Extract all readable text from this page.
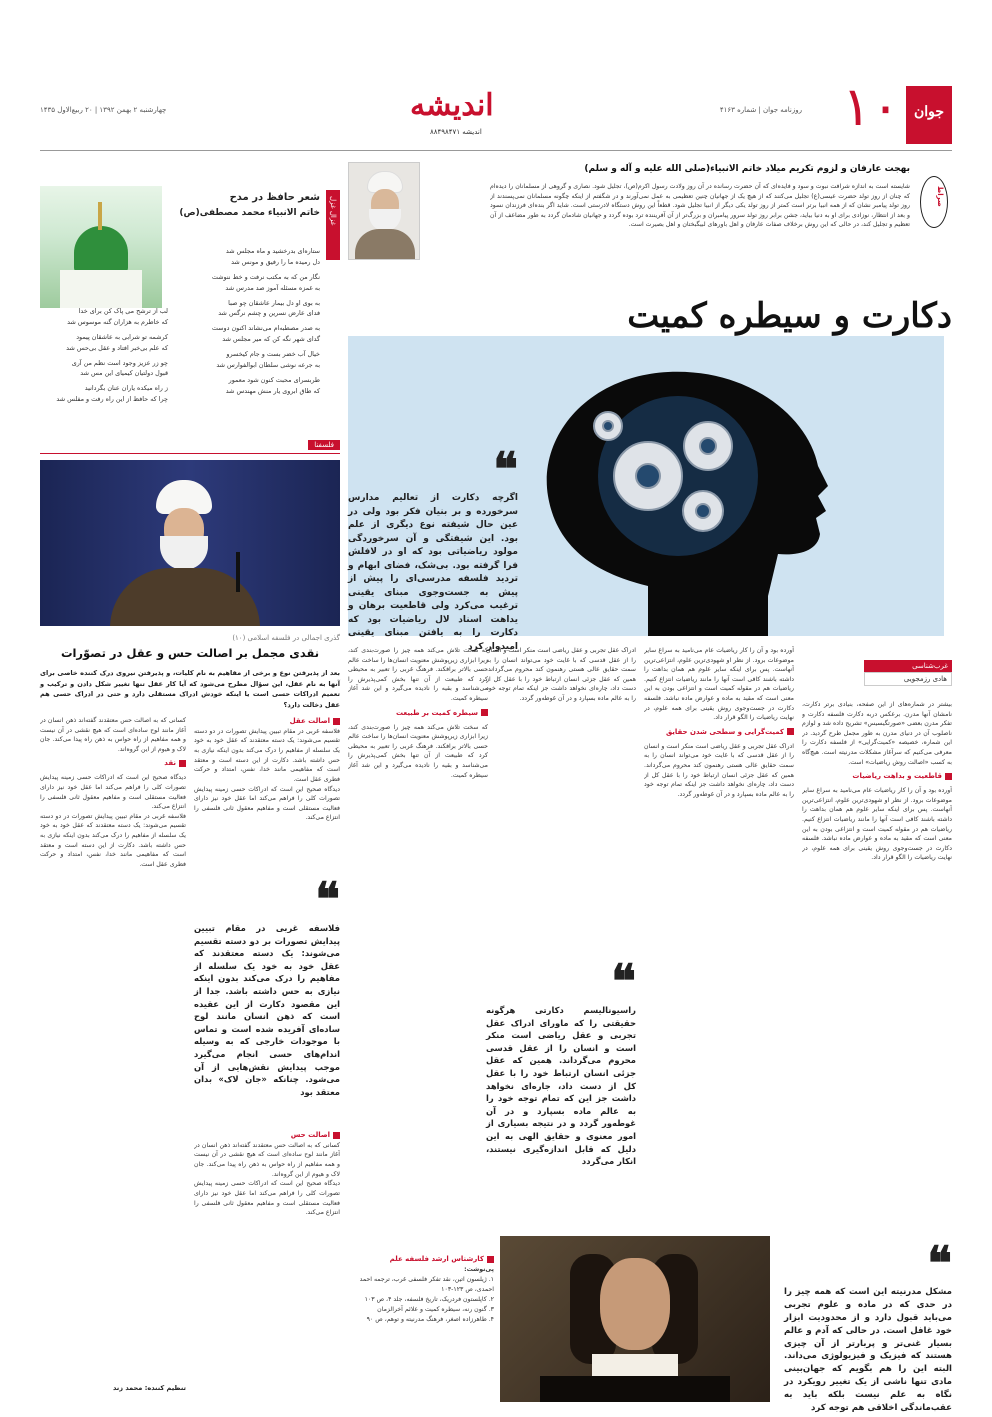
جوان
۱۰
روزنامه جوان | شماره ۴۱۶۳
اندیشه
اندیشه ۸۸۴۹۸۴۷۱
چهارشنبه ۲ بهمن ۱۳۹۲ | ۲۰ ربیع‌الاول ۱۴۳۵
صراط
بهجت عارفان و لزوم تکریم میلاد خاتم الانبیاء(صلی الله علیه و آله و سلم)
شایسته است به اندازه شرافت نبوت و سود و فایده‌ای که آن حضرت رسانده در آن روز ولادت رسول اکرم(ص)، تجلیل شود. نصاری و گروهی از مسلمانان را دیده‌ام که چنان از روز تولد حضرت عیسی(ع) تجلیل می‌کنند که از هیچ یک از جهانیان چنین تعظیمی به عمل نمی‌آورند و در شگفتم از اینکه چگونه مسلمانان نمی‌پسندند از روز تولد پیامبر نشان که از همه انبیا برتر است کمتر از روز تولد یکی دیگر از انبیا تجلیل شود. قطعاً این روش دستگاه لادرستی است. شاید اگر بنده‌ای فرزندان نسود و بعد از انتظار، نوزادی برای او به دنیا بیاید، جشن برابر روز تولد سرور پیامبران و بزرگ‌تر از آن آفریننده ترد بوده گردد و جهانیان شادمان گردد به طور مضاعف از آن تعظیم و تجلیل کند، در حالی که این روش برخلاف صفات عارفان و اهل باورهای لبیگبختان و اهل بصیرت است.
غزال غزل
شعر حافظ در مدح
خاتم الانبیاء محمد مصطفی(ص)
ستاره‌ای بدرخشید و ماه مجلس شد
دل رمیده ما را رفیق و مونس شد
نگار من که به مکتب نرفت و خط ننوشت
به غمزه مسئله آموز صد مدرس شد
به بوی او دل بیمار عاشقان چو صبا
فدای عارض نسرین و چشم نرگس شد
به صدر مصطبه‌ام می‌نشاند اکنون دوست
گدای شهر نگه کن که میر مجلس شد
خیال آب خضر بست و جام کیخسرو
به جرعه نوشی سلطان ابوالفوارس شد
طربسرای محبت کنون شود معمور
که طاق ابروی یار منش مهندس شد
لب از ترشح می پاک کن برای خدا
که خاطرم به هزاران گنه موسوس شد
کرشمه تو شرابی به عاشقان پیمود
که علم بی‌خبر افتاد و عقل بی‌حس شد
چو زر عزیز وجود است نظم من آری
قبول دولتیان کیمیای این مس شد
ز راه میکده یاران عنان بگردانید
چرا که حافظ از این راه رفت و مفلس شد
دکارت و سیطره کمیت
❝
اگرچه دکارت از تعالیم مدارس سرخورده و بر بنیان فکر بود ولی در عین حال شیفته نوع دیگری از علم بود. این شیفتگی و آن سرخوردگی مولود ریاضیاتی بود که او در لافلش فرا گرفته بود. بی‌شک، فضای ابهام و تردید فلسفه مدرسی‌ای را پیش از پیش به جست‌وجوی مبنای یقینی ترغیب می‌کرد ولی قاطعیت برهان و یداهت اسناد لال ریاضیات بود که دکارت را به یافتن مبنای یقینی امیدوار کرد
غرب‌شناسی
هادی رزمجویی
بیشتر در شماره‌های از این صفحه، بنیادی برتر دکارت، نامشان آنها مدرن. برعکس دربه دکارت فلسفه دکارت و تفکر مدرن بعضی «صورتگیسیس» تشریح داده شد و لوازم ناصلوب آن در دنیای مدرن به طور مجمل طرح گردید. در این شماره، خصیصه «کمیت‌گرایی» از فلسفه دکارت را معرفی می‌کنیم که سرآغاز مشکلات مدرنیته است. هیچ‌گاه به کسب «اصالت روش ریاضیات» است.
قاطعیت و بداهت ریاضیات
آورده بود و آن را کار ریاضیات عام می‌نامید به سراغ سایر موضوعات برود. از نظر او شهودی‌ترین علوم، انتزاعی‌ترین آنهاست. پس برای اینکه سایر علوم هم همان بداهت را داشته باشند کافی است آنها را مانند ریاضیات انتزاع کنیم. ریاضیات هم در مقوله کمیت است و انتزاعی بودن به این معنی است که مقید به ماده و عوارض ماده نباشد. فلسفه دکارت در جست‌وجوی روش یقینی برای همه علوم، در نهایت ریاضیات را الگو قرار داد.
آورده بود و آن را کار ریاضیات عام می‌نامید به سراغ سایر موضوعات برود. از نظر او شهودی‌ترین علوم، انتزاعی‌ترین آنهاست. پس برای اینکه سایر علوم هم همان بداهت را داشته باشند کافی است آنها را مانند ریاضیات انتزاع کنیم. ریاضیات هم در مقوله کمیت است و انتزاعی بودن به این معنی است که مقید به ماده و عوارض ماده نباشد. فلسفه دکارت در جست‌وجوی روش یقینی برای همه علوم، در نهایت ریاضیات را الگو قرار داد.
کمیت‌گرایی و سطحی شدن حقایق
ادراک عقل تجربی و عقل ریاضی است منکر است و انسان را از عقل قدسی که با غایت خود می‌تواند انسان را به سمت حقایق عالی هستی رهنمون کند محروم می‌گرداند. همین که عقل جزئی انسان ارتباط خود را با عقل کل از دست داد، چاره‌ای نخواهد داشت جز اینکه تمام توجه خود را به عالم ماده بسپارد و در آن غوطه‌ور گردد.
ادراک عقل تجربی و عقل ریاضی است منکر است و انسان را از عقل قدسی که با غایت خود می‌تواند انسان را به سمت حقایق عالی هستی رهنمون کند محروم می‌گرداند. همین که عقل جزئی انسان ارتباط خود را با عقل کل از دست داد، چاره‌ای نخواهد داشت جز اینکه تمام توجه خود را به عالم ماده بسپارد و در آن غوطه‌ور گردد.
که سخت تلاش می‌کند همه چیز را صورت‌بندی کند، زیرا ابزاری زیرپوشش معنویت انسان‌ها را ساخت عالم حسی بالاتر برافکند. فرهنگ غربی را تعبیر به محیطی کرد که طبیعت از آن تنها بخش کمی‌پذیرش را می‌شناسد و بقیه را نادیده می‌گیرد و این شد آغاز سیطره کمیت.
سیطره کمیت بر طبیعت
که سخت تلاش می‌کند همه چیز را صورت‌بندی کند، زیرا ابزاری زیرپوشش معنویت انسان‌ها را ساخت عالم حسی بالاتر برافکند. فرهنگ غربی را تعبیر به محیطی کرد که طبیعت از آن تنها بخش کمی‌پذیرش را می‌شناسد و بقیه را نادیده می‌گیرد و این شد آغاز سیطره کمیت.
❝
راسیونالیسم دکارتی هرگونه حقیقتی را که ماورای ادراک عقل تجربی و عقل ریاضی است منکر است و انسان را از عقل قدسی محروم می‌گرداند. همین که عقل جزئی انسان ارتباط خود را با عقل کل از دست داد، جاره‌ای نخواهد داشت جز این که تمام توجه خود را به عالم ماده بسپارد و در آن غوطه‌ور گردد و در نتیجه بسیاری از امور معنوی و حقایق الهی به این دلیل که قابل اندازه‌گیری نیستند، انکار می‌گردد
❝
مشکل مدرنیته این است که همه چیز را در حدی که در ماده و علوم تجربی می‌باید قبول دارد و از محدودیت ابزار خود غافل است. در حالی که آدم و عالم بسیار غنی‌تر و پربارتر از آن چیزی هستند که فیزیک و فیزیولوژی می‌داند. البته این را هم بگویم که جهان‌بینی مادی تنها ناشی از یک تغییر رویکرد در نگاه به علم نیست بلکه باید به عقب‌ماندگی اخلاقی هم توجه کرد
کارشناس ارشد فلسفه علم
پی‌نوشت:
۱. ژیلسون اتین، نقد تفکر فلسفی غرب، ترجمه احمد احمدی، ص ۱۲۳-۱۰۳
۲. کاپلستون فردریک، تاریخ فلسفه، جلد ۴، ص ۱۰۳
۳. گنون رنه، سیطره کمیت و علائم آخرالزمان
۴. طاهرزاده اصغر، فرهنگ مدرنیته و توهم، ص ۹۰
فلسفنا
گذری اجمالی در فلسفه اسلامی (۱۰)
نقدی مجمل بر اصالت حس و عقل در تصوّرات
بعد از پذیرفتن نوع و برخی از مفاهیم به نام کلیات، و پذیرفتن نیروی درک کننده خاصی برای آنها به نام عقل، این سؤال مطرح می‌شود که آیا کار عقل تنها تغییر شکل دادن و ترکیب و تعمیم ادراکات حسی است یا اینکه خودش ادراک مستقلی دارد و حتی در ادراک حسی هم عقل دخالت دارد؟
اصالت عقل
فلاسفه غربی در مقام تبیین پیدایش تصورات در دو دسته تقسیم می‌شوند: یک دسته معتقدند که عقل خود به خود یک سلسله از مفاهیم را درک می‌کند بدون اینکه نیازی به حس داشته باشد. دکارت از این دسته است و معتقد است که مفاهیمی مانند خدا، نفس، امتداد و حرکت فطری عقل است.
دیدگاه صحیح این است که ادراکات حسی زمینه پیدایش تصورات کلی را فراهم می‌کند اما عقل خود نیز دارای فعالیت مستقلی است و مفاهیم معقول ثانی فلسفی را انتزاع می‌کند.
❝
فلاسفه غربی در مقام تبیین پیدایش تصورات بر دو دسته تقسیم می‌شوند: یک دسته معتقدند که عقل خود به خود یک سلسله از مفاهیم را درک می‌کند بدون اینکه نیازی به حس داشته باشد. جدا از این مقصود دکارت از این عقیده است که ذهن انسان مانند لوح ساده‌ای آفریده شده است و تماس با موجودات خارجی که به وسیله اندام‌های حسی انجام می‌گیرد موجب پیدایش نقش‌هایی از آن می‌شود. چنانکه «جان لاک» بدان معتقد بود
اصالت حس
کسانی که به اصالت حس معتقدند گفته‌اند ذهن انسان در آغاز مانند لوح ساده‌ای است که هیچ نقشی در آن نیست و همه مفاهیم از راه حواس به ذهن راه پیدا می‌کند. جان لاک و هیوم از این گروه‌اند.
دیدگاه صحیح این است که ادراکات حسی زمینه پیدایش تصورات کلی را فراهم می‌کند اما عقل خود نیز دارای فعالیت مستقلی است و مفاهیم معقول ثانی فلسفی را انتزاع می‌کند.
کسانی که به اصالت حس معتقدند گفته‌اند ذهن انسان در آغاز مانند لوح ساده‌ای است که هیچ نقشی در آن نیست و همه مفاهیم از راه حواس به ذهن راه پیدا می‌کند. جان لاک و هیوم از این گروه‌اند.
نقد
دیدگاه صحیح این است که ادراکات حسی زمینه پیدایش تصورات کلی را فراهم می‌کند اما عقل خود نیز دارای فعالیت مستقلی است و مفاهیم معقول ثانی فلسفی را انتزاع می‌کند.
فلاسفه غربی در مقام تبیین پیدایش تصورات در دو دسته تقسیم می‌شوند: یک دسته معتقدند که عقل خود به خود یک سلسله از مفاهیم را درک می‌کند بدون اینکه نیازی به حس داشته باشد. دکارت از این دسته است و معتقد است که مفاهیمی مانند خدا، نفس، امتداد و حرکت فطری عقل است.
تنظیم کننده: محمد زند
